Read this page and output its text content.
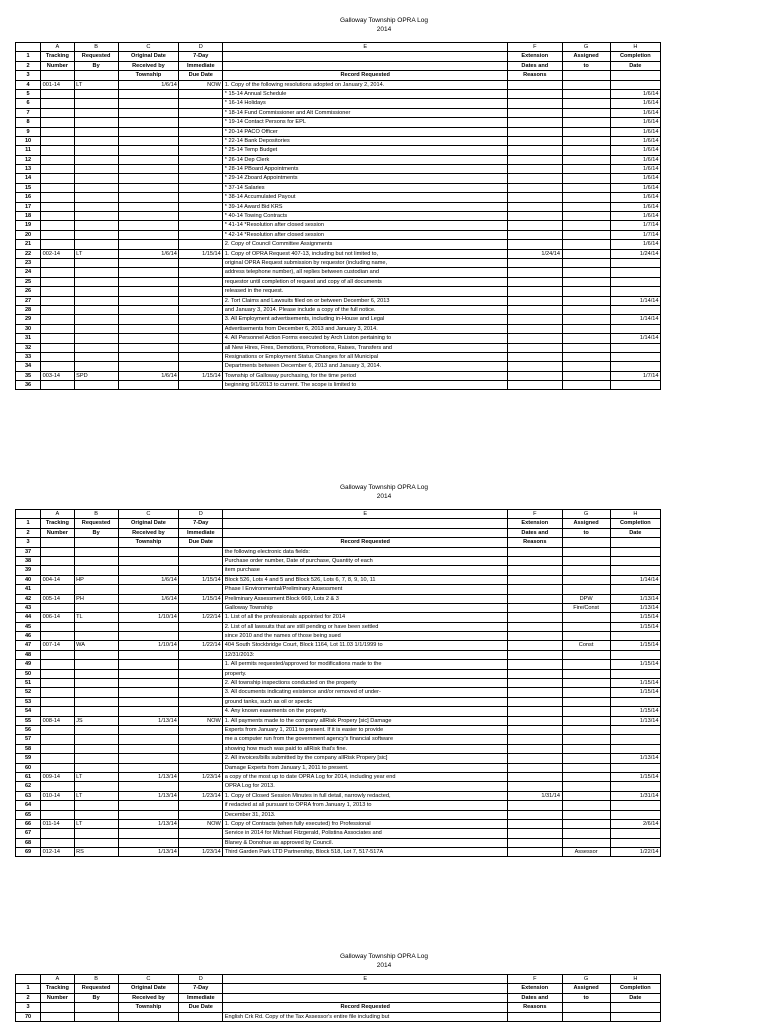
Galloway Township OPRA Log
2014
	A	B	C	D	E	F	G	H
1	Tracking	Requested	Original Date	7-Day		Extension	Assigned	Completion
2	Number	By	Received by	Immediate		Dates and	to	Date
3			Township	Due Date	Record Requested	Reasons		
4	001-14	LT	1/6/14	NOW	1. Copy of the following resolutions adopted on January 2, 2014.			
5					* 15-14 Annual Schedule			1/6/14
6					* 16-14 Holidays			1/6/14
7					* 18-14 Fund Commissioner and Alt Commissioner			1/6/14
8					* 19-14 Contact Persons for EPL			1/6/14
9					* 20-14 PACO Officer			1/6/14
10					* 22-14 Bank Depositories			1/6/14
11					* 25-14 Temp Budget			1/6/14
12					* 26-14 Dep Clerk			1/6/14
13					* 28-14 PBoard Appointments			1/6/14
14					* 29-14 Zboard Appointments			1/6/14
15					* 37-14 Salaries			1/6/14
16					* 38-14 Accumulated Payout			1/6/14
17					* 39-14 Award Bid KRS			1/6/14
18					* 40-14 Towing Contracts			1/6/14
19					* 41-14 *Resolution after closed session			1/7/14
20					* 42-14 *Resolution after closed session			1/7/14
21					2. Copy of Council Committee Assignments			1/6/14
22	002-14	LT	1/6/14	1/15/14	1. Copy of OPRA Request 407-13, including but not limited to,	1/24/14		1/24/14
23					original OPRA Request submission by requestor (including name,			
24					address telephone number), all replies between custodian and			
25					requestor until completion of request and copy of all documents			
26					released in the request.			
27					2. Tort Claims and Lawsuits filed on or between December 6, 2013			1/14/14
28					and January 3, 2014. Please include a copy of the full notice.			
29					3. All Employment advertisements, including in-House and Legal			1/14/14
30					Advertisements from December 6, 2013 and January 3, 2014.			
31					4. All Personnel Action Forms executed by Arch Liston pertaining to			1/14/14
32					all New Hires, Fires, Demotions, Promotions, Raises, Transfers and			
33					Resignations or Employment Status Changes for all Municipal			
34					Departments between December 6, 2013 and January 3, 2014.			
35	003-14	SPD	1/6/14	1/15/14	Township of Galloway purchasing, for the time period			1/7/14
36					beginning 9/1/2013 to current. The scope is limited to			
Galloway Township OPRA Log
2014
	A	B	C	D	E	F	G	H
1	Tracking	Requested	Original Date	7-Day		Extension	Assigned	Completion
2	Number	By	Received by	Immediate		Dates and	to	Date
3			Township	Due Date	Record Requested	Reasons		
37					the following electronic data fields:			
38					Purchase order number, Date of purchase, Quantity of each			
39					item purchase			
40	004-14	HP	1/6/14	1/15/14	Block 526, Lots 4 and 5 and Block 526, Lots 6, 7, 8, 9, 10, 11			1/14/14
41					Phase I Environmental/Preliminary Assessment			
42	005-14	PH	1/6/14	1/15/14	Preliminary Assessment Block 669, Lots 2 & 3		DPW	1/13/14
43					Galloway Township		Fire/Const	1/13/14
44	006-14	TL	1/10/14	1/22/14	1. List of all the professionals appointed for 2014			1/15/14
45					2. List of all lawsuits that are still pending or have been settled			1/15/14
46					since 2010 and the names of those being sued			
47	007-14	WA	1/10/14	1/22/14	404 South Stockbridge Court, Block 1164, Lot 11.03 1/1/1999 to		Const	1/15/14
48					12/31/2013:			
49					1. All permits requested/approved for modifications made to the			1/15/14
50					property.			
51					2. All township inspections conducted on the property			1/15/14
52					3. All documents indicating existence and/or removed of under-			1/15/14
53					ground tanks, such as oil or spectic			
54					4. Any known easements on the property.			1/15/14
55	008-14	JS	1/13/14	NOW	1. All payments made to the company allRisk Propery [sic] Damage			1/13/14
56					Experts from January 1, 2011 to present. If it is easier to provide			
57					me a computer run from the government agency's financial software			
58					showing how much was paid to allRisk that's fine.			
59					2. All invoices/bills submitted by the company allRisk Propery [sic]			1/13/14
60					Damage Experts from January 1, 2011 to present.			
61	009-14	LT	1/13/14	1/23/14	a copy of the most up to date OPRA Log for 2014, including year end			1/15/14
62					OPRA Log for 2013.			
63	010-14	LT	1/13/14	1/23/14	1. Copy of Closed Session Minutes in full detail, narrowly redacted,	1/31/14		1/31/14
64					if redacted at all pursuant to OPRA from January 1, 2013 to			
65					December 31, 2013.			
66	011-14	LT	1/13/14	NOW	1. Copy of Contracts (when fully executed) fro Professional			2/6/14
67					Service in 2014 for Michael Fitzgerald, Polistina Associates and			
68					Blaney & Donohue as approved by Council.			
69	012-14	RS	1/13/14	1/23/14	Third Garden Park LTD Partnership, Block 518, Lot 7, 517-517A		Assessor	1/22/14
Galloway Township OPRA Log
2014
	A	B	C	D	E	F	G	H
1	Tracking	Requested	Original Date	7-Day		Extension	Assigned	Completion
2	Number	By	Received by	Immediate		Dates and	to	Date
3			Township	Due Date	Record Requested	Reasons		
70					English Crk Rd. Copy of the Tax Assessor's entire file including but			
